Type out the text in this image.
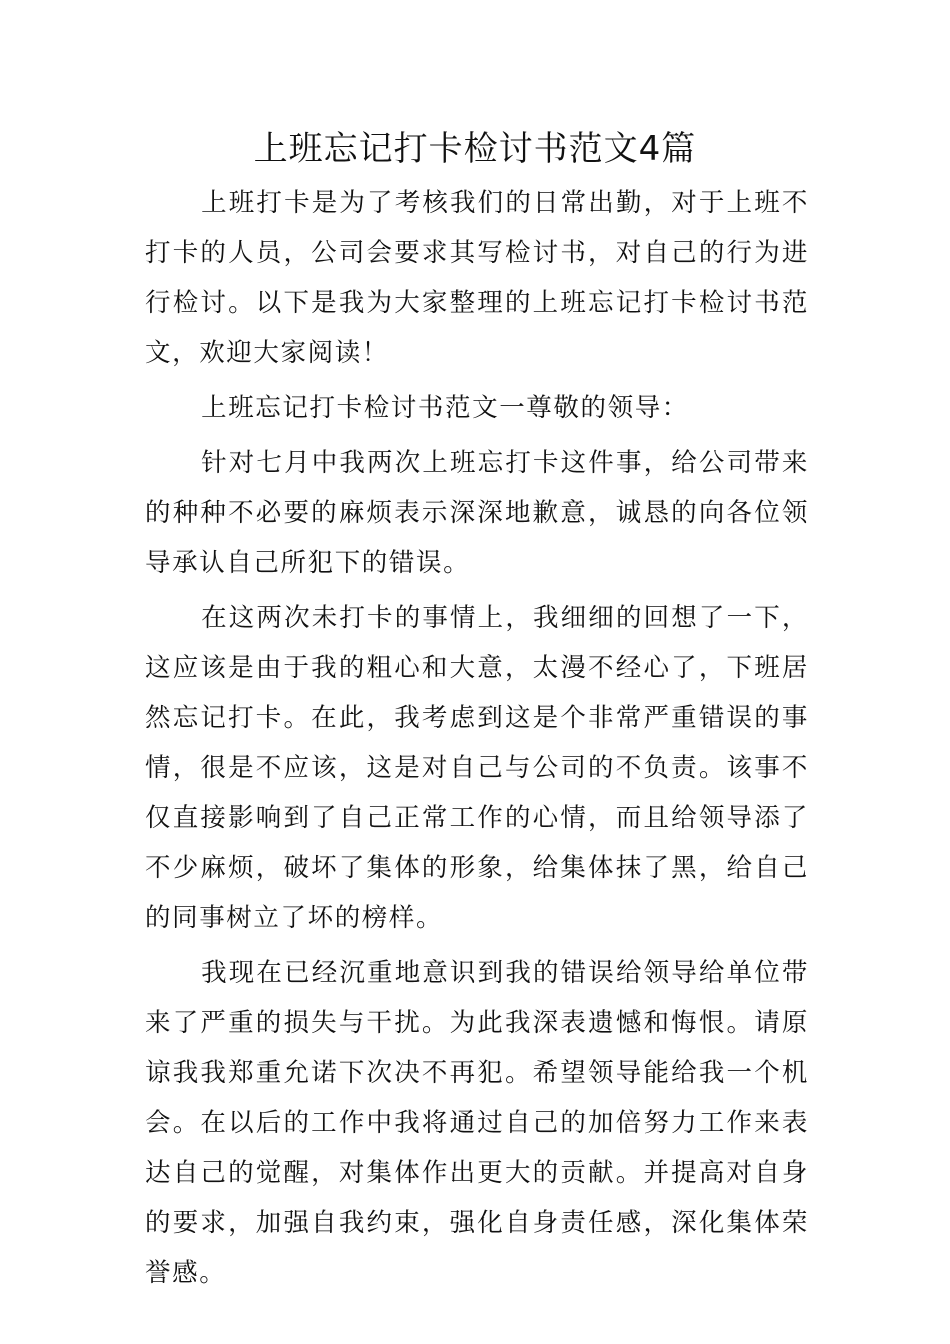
上班忘记打卡检讨书范文4篇

上班打卡是为了考核我们的日常出勤，对于上班不打卡的人员，公司会要求其写检讨书，对自己的行为进行检讨。以下是我为大家整理的上班忘记打卡检讨书范文，欢迎大家阅读！

上班忘记打卡检讨书范文一尊敬的领导：

针对七月中我两次上班忘打卡这件事，给公司带来的种种不必要的麻烦表示深深地歉意，诚恳的向各位领导承认自己所犯下的错误。

在这两次未打卡的事情上，我细细的回想了一下，这应该是由于我的粗心和大意，太漫不经心了，下班居然忘记打卡。在此，我考虑到这是个非常严重错误的事情，很是不应该，这是对自己与公司的不负责。该事不仅直接影响到了自己正常工作的心情，而且给领导添了不少麻烦，破坏了集体的形象，给集体抹了黑，给自己的同事树立了坏的榜样。

我现在已经沉重地意识到我的错误给领导给单位带来了严重的损失与干扰。为此我深表遗憾和悔恨。请原谅我我郑重允诺下次决不再犯。希望领导能给我一个机会。在以后的工作中我将通过自己的加倍努力工作来表达自己的觉醒，对集体作出更大的贡献。并提高对自身的要求，加强自我约束，强化自身责任感，深化集体荣誉感。
